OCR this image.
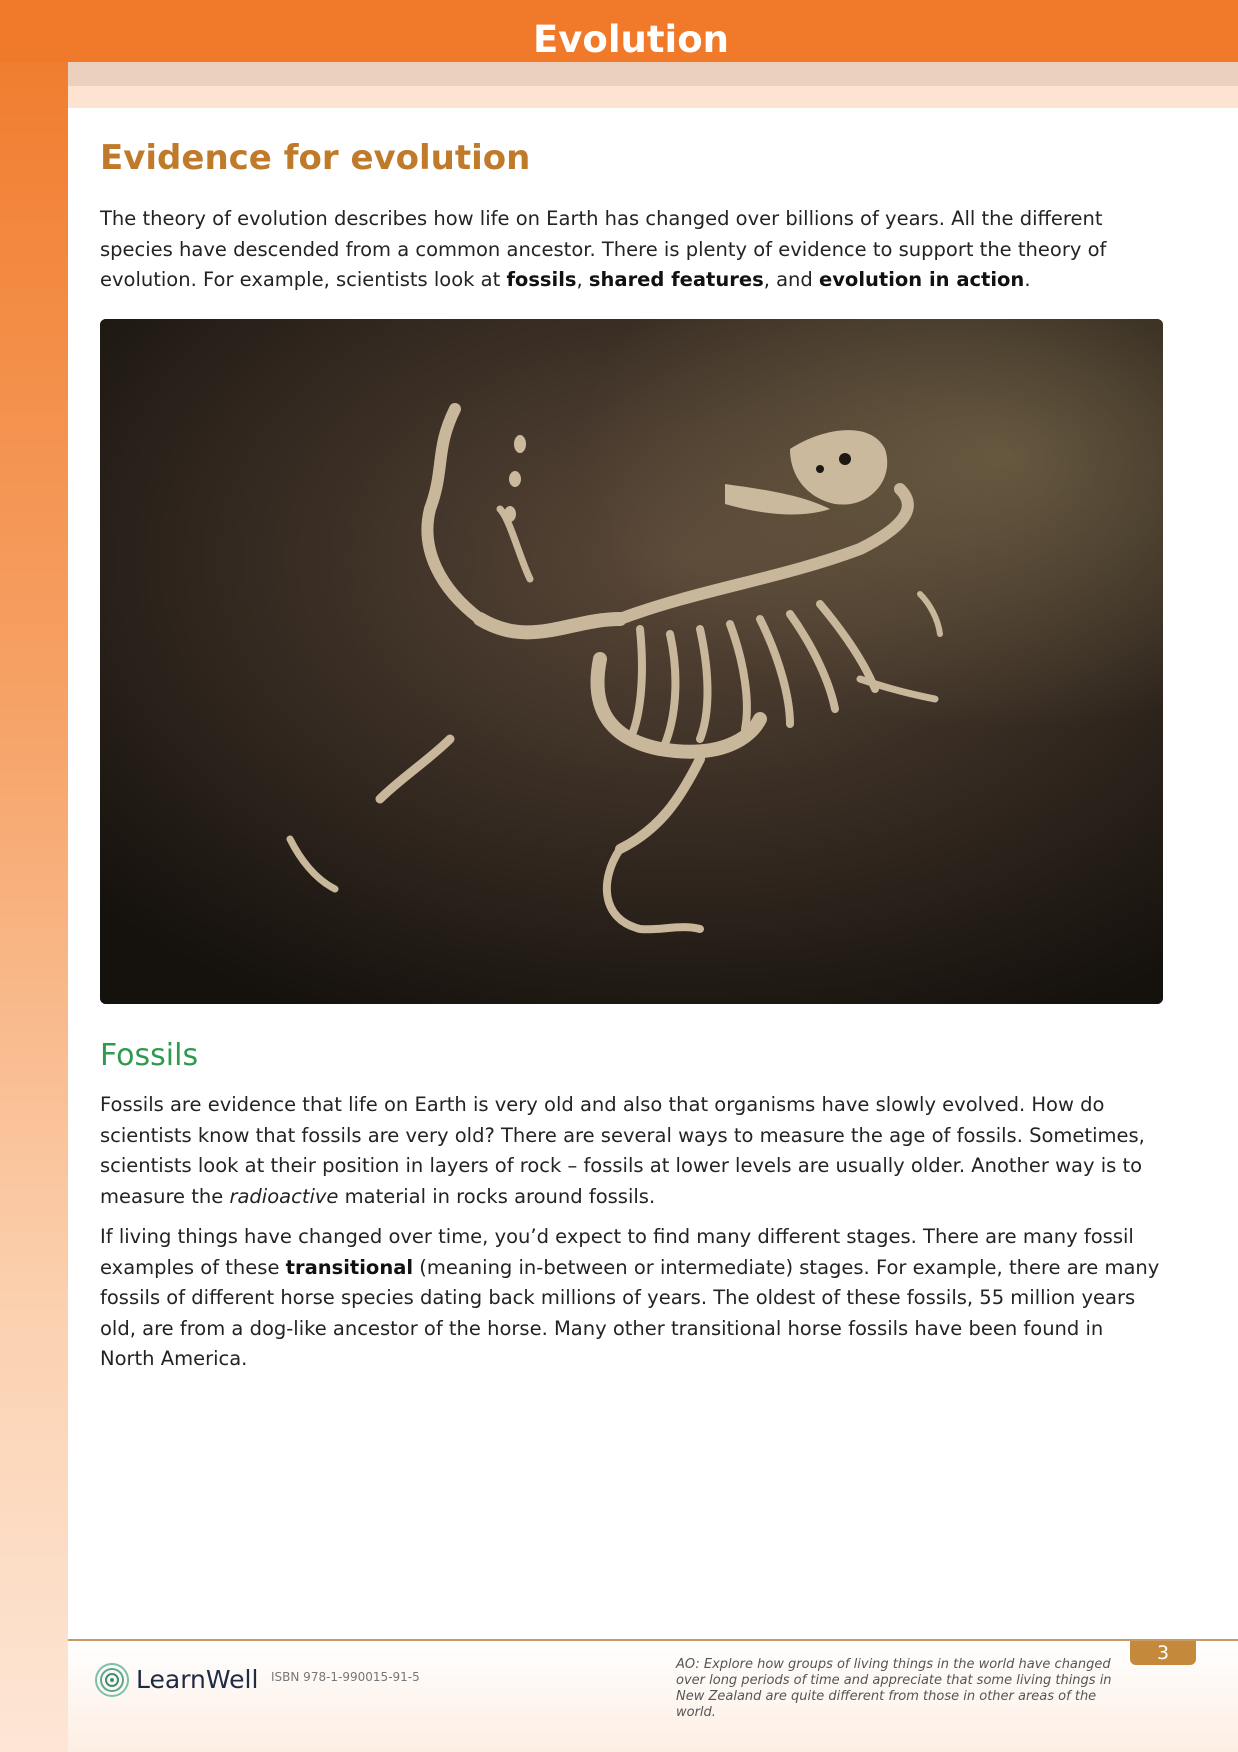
Evolution
Evidence for evolution

The theory of evolution describes how life on Earth has changed over billions of years. All the different species have descended from a common ancestor. There is plenty of evidence to support the theory of evolution. For example, scientists look at fossils, shared features, and evolution in action.

Fossils

Fossils are evidence that life on Earth is very old and also that organisms have slowly evolved. How do scientists know that fossils are very old? There are several ways to measure the age of fossils. Sometimes, scientists look at their position in layers of rock – fossils at lower levels are usually older. Another way is to measure the radioactive material in rocks around fossils.

If living things have changed over time, you’d expect to find many different stages. There are many fossil examples of these transitional (meaning in-between or intermediate) stages. For example, there are many fossils of different horse species dating back millions of years. The oldest of these fossils, 55 million years old, are from a dog-like ancestor of the horse. Many other transitional horse fossils have been found in North America.

3
LearnWell ISBN 978-1-990015-91-5
AO: Explore how groups of living things in the world have changed over long periods of time and appreciate that some living things in New Zealand are quite different from those in other areas of the world.
